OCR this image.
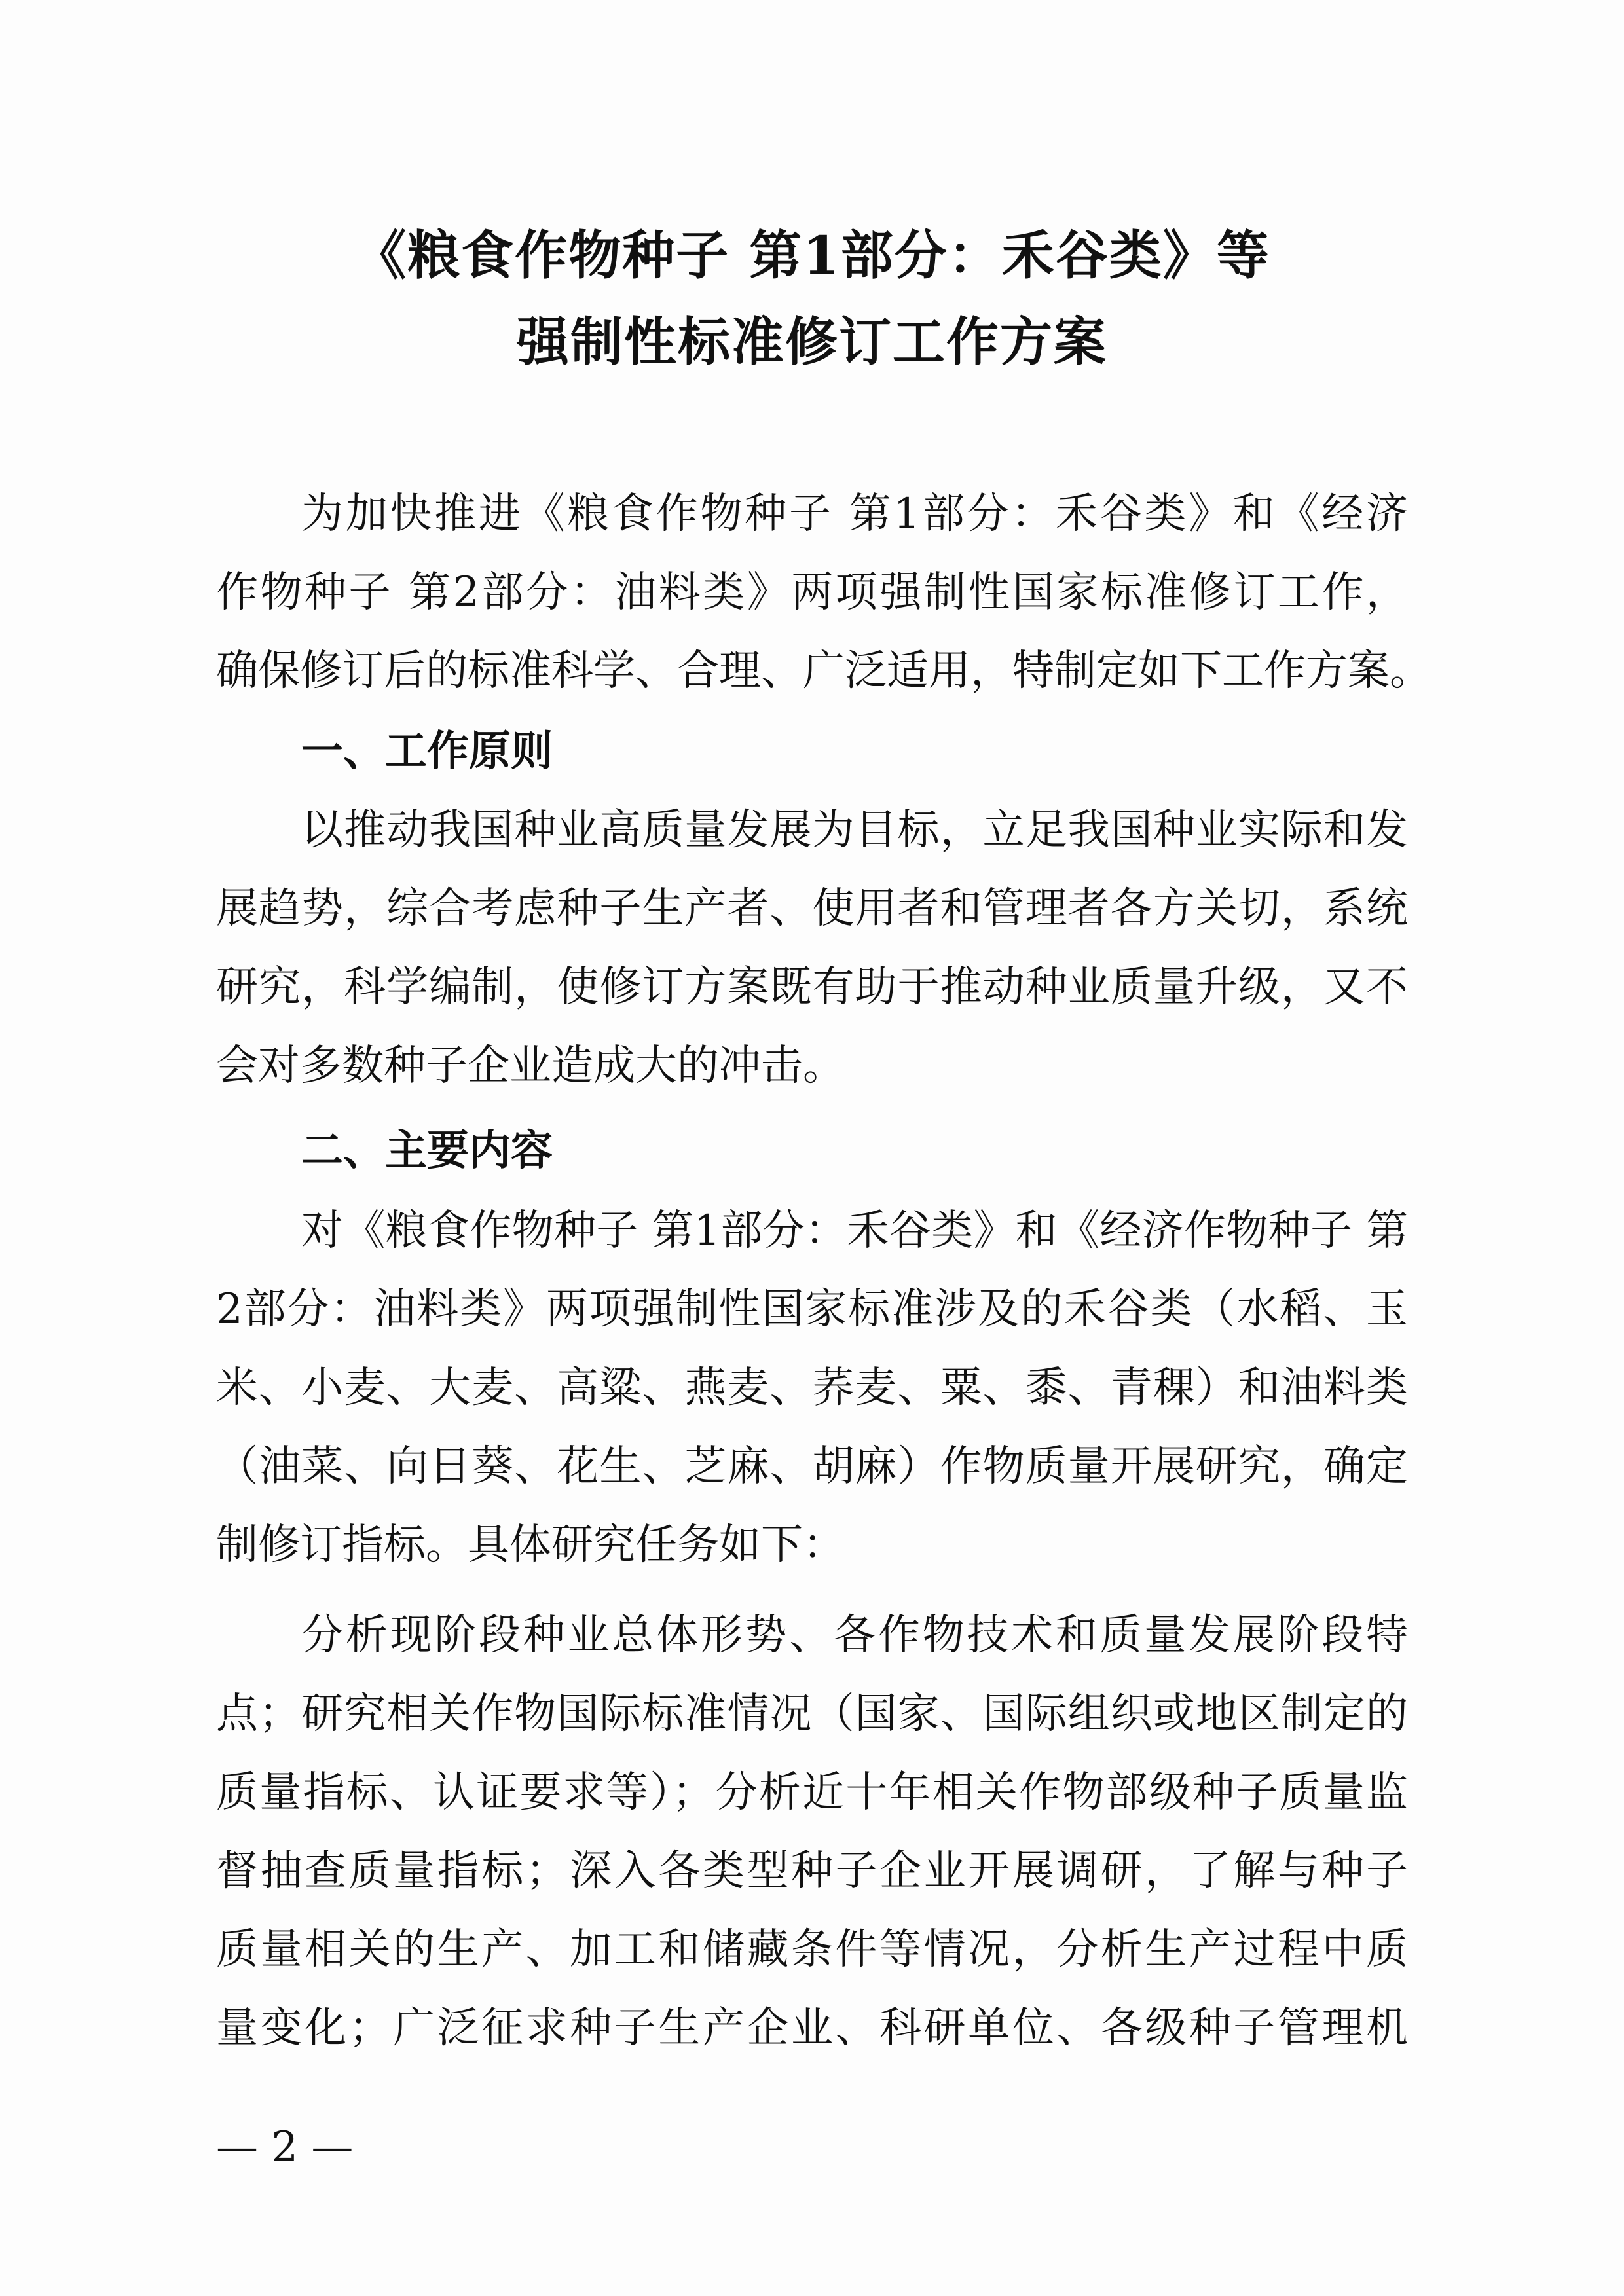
《粮食作物种子 第1部分：禾谷类》等
强制性标准修订工作方案
为加快推进《粮食作物种子 第1部分：禾谷类》和《经济
作物种子 第2部分：油料类》两项强制性国家标准修订工作，
确保修订后的标准科学、合理、广泛适用，特制定如下工作方案。
一、工作原则
以推动我国种业高质量发展为目标，立足我国种业实际和发
展趋势，综合考虑种子生产者、使用者和管理者各方关切，系统
研究，科学编制，使修订方案既有助于推动种业质量升级，又不
会对多数种子企业造成大的冲击。
二、主要内容
对《粮食作物种子 第1部分：禾谷类》和《经济作物种子 第
2部分：油料类》两项强制性国家标准涉及的禾谷类（水稻、玉
米、小麦、大麦、高粱、燕麦、荞麦、粟、黍、青稞）和油料类
（油菜、向日葵、花生、芝麻、胡麻）作物质量开展研究，确定
制修订指标。具体研究任务如下：
分析现阶段种业总体形势、各作物技术和质量发展阶段特
点；研究相关作物国际标准情况（国家、国际组织或地区制定的
质量指标、认证要求等）；分析近十年相关作物部级种子质量监
督抽查质量指标；深入各类型种子企业开展调研，了解与种子
质量相关的生产、加工和储藏条件等情况，分析生产过程中质
量变化；广泛征求种子生产企业、科研单位、各级种子管理机
— 2 —
